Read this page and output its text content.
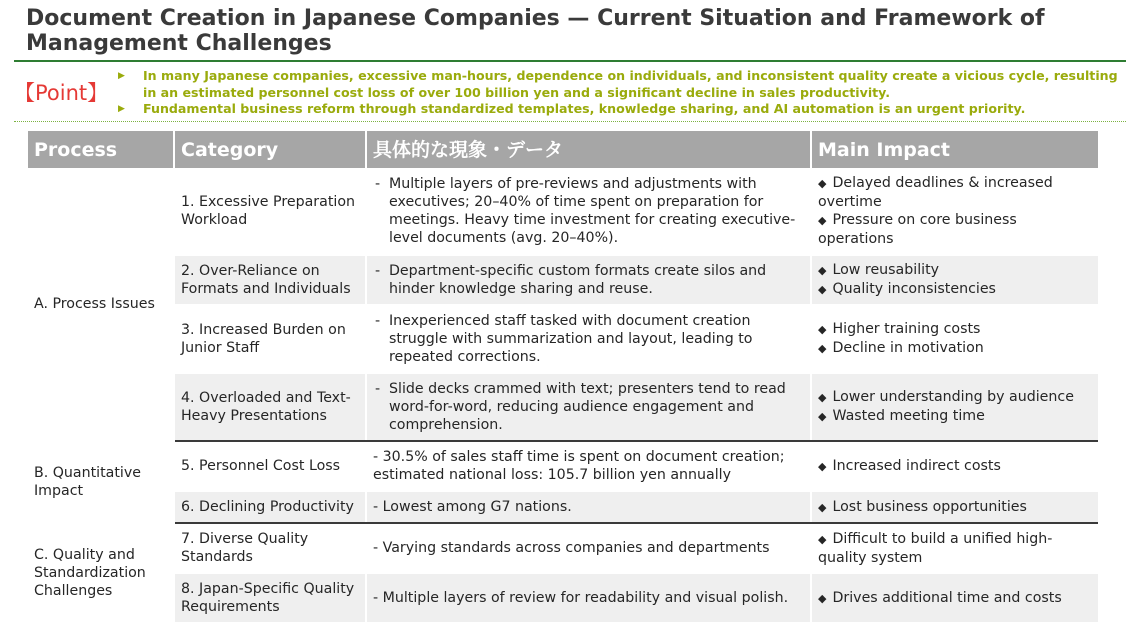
Document Creation in Japanese Companies — Current Situation and Framework of Management Challenges
【Point】
▶ In many Japanese companies, excessive man-hours, dependence on individuals, and inconsistent quality create a vicious cycle, resulting in an estimated personnel cost loss of over 100 billion yen and a significant decline in sales productivity.
▶ Fundamental business reform through standardized templates, knowledge sharing, and AI automation is an urgent priority.
Process	Category	具体的な現象・データ	Main Impact
A. Process Issues	1. Excessive Preparation Workload	- Multiple layers of pre-reviews and adjustments with executives; 20–40% of time spent on preparation for meetings. Heavy time investment for creating executive-level documents (avg. 20–40%).	◆ Delayed deadlines & increased overtime
◆ Pressure on core business operations

	2. Over-Reliance on Formats and Individuals	- Department-specific custom formats create silos and hinder knowledge sharing and reuse.	◆ Low reusability
◆ Quality inconsistencies

	3. Increased Burden on Junior Staff	- Inexperienced staff tasked with document creation struggle with summarization and layout, leading to repeated corrections.	◆ Higher training costs
◆ Decline in motivation

	4. Overloaded and Text-Heavy Presentations	- Slide decks crammed with text; presenters tend to read word-for-word, reducing audience engagement and comprehension.	◆ Lower understanding by audience
◆ Wasted meeting time

B. Quantitative Impact	5. Personnel Cost Loss	- 30.5% of sales staff time is spent on document creation; estimated national loss: 105.7 billion yen annually	◆ Increased indirect costs

	6. Declining Productivity	- Lowest among G7 nations.	◆ Lost business opportunities

C. Quality and Standardization Challenges	7. Diverse Quality Standards	- Varying standards across companies and departments	◆ Difficult to build a unified high-quality system

	8. Japan-Specific Quality Requirements	- Multiple layers of review for readability and visual polish.	◆ Drives additional time and costs
